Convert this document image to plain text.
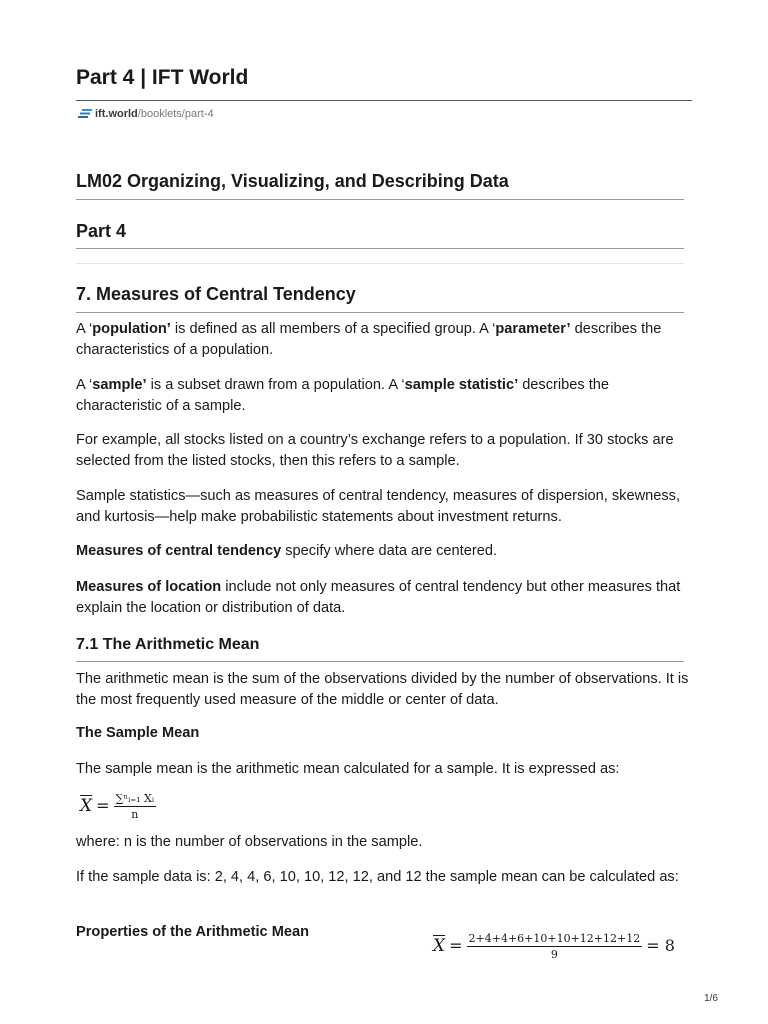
Part 4 | IFT World
ift.world/booklets/part-4
LM02 Organizing, Visualizing, and Describing Data
Part 4
7. Measures of Central Tendency

A ‘population’ is defined as all members of a specified group. A ‘parameter’ describes the characteristics of a population.

A ‘sample’ is a subset drawn from a population. A ‘sample statistic’ describes the characteristic of a sample.

For example, all stocks listed on a country’s exchange refers to a population. If 30 stocks are selected from the listed stocks, then this refers to a sample.

Sample statistics—such as measures of central tendency, measures of dispersion, skewness, and kurtosis—help make probabilistic statements about investment returns.

Measures of central tendency specify where data are centered.

Measures of location include not only measures of central tendency but other measures that explain the location or distribution of data.

7.1 The Arithmetic Mean

The arithmetic mean is the sum of the observations divided by the number of observations. It is the most frequently used measure of the middle or center of data.

The Sample Mean

The sample mean is the arithmetic mean calculated for a sample. It is expressed as:

$\overline{X} = \frac{\text{∑ⁿᵢ₌₁ Xᵢ}}{n}$

where: n is the number of observations in the sample.

If the sample data is: 2, 4, 4, 6, 10, 10, 12, 12, and 12 the sample mean can be calculated as:

Properties of the Arithmetic Mean

$\overline{X} = \frac{2+4+4+6+10+10+12+12+12}{9} = 8$
1/6
